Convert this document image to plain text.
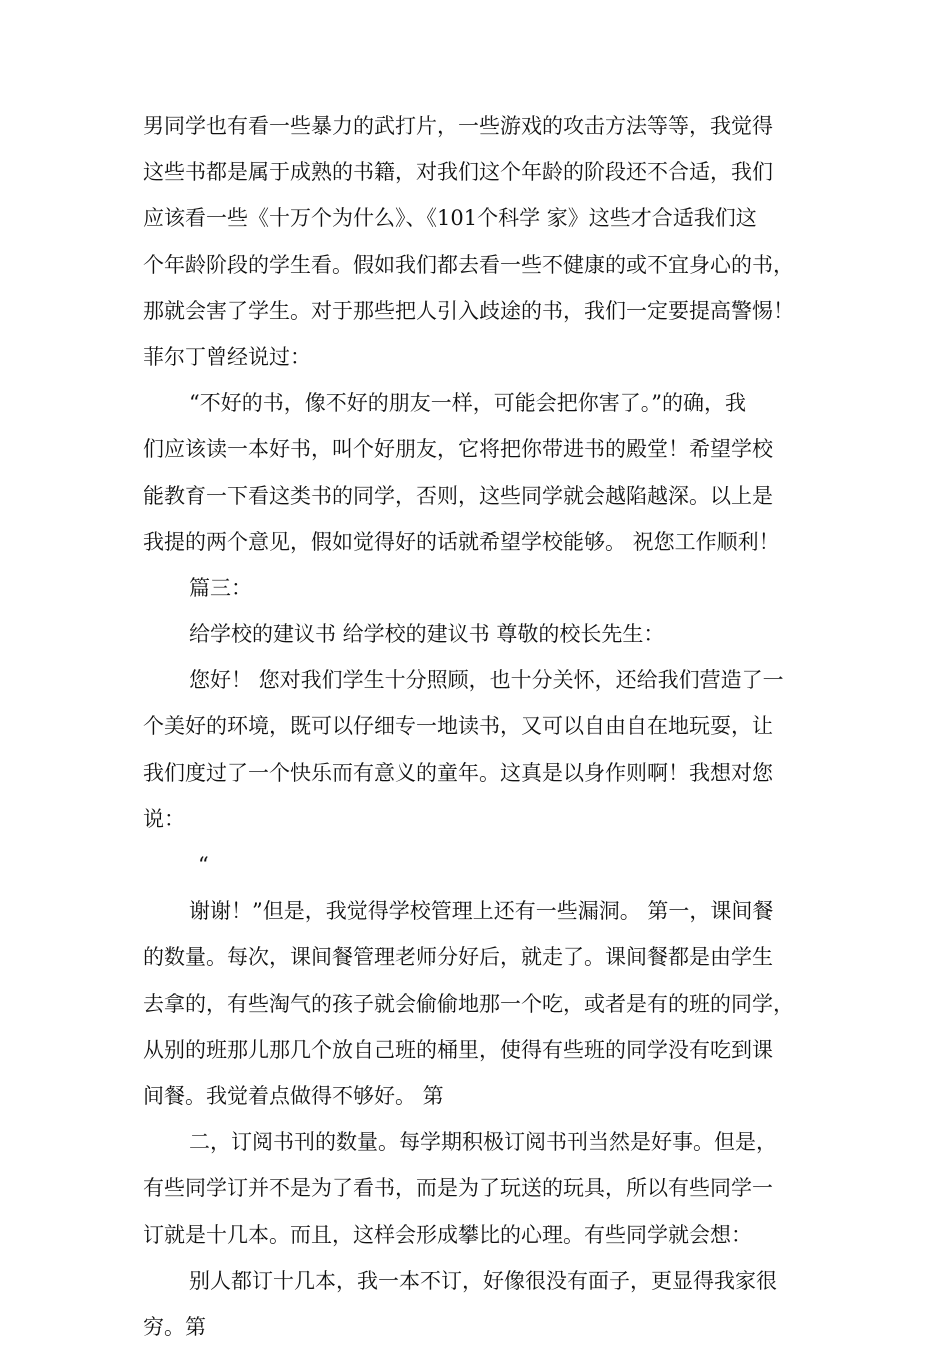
男同学也有看一些暴力的武打片，一些游戏的攻击方法等等，我觉得
这些书都是属于成熟的书籍，对我们这个年龄的阶段还不合适，我们
应该看一些《十万个为什么》、《101个科学 家》这些才合适我们这
个年龄阶段的学生看。假如我们都去看一些不健康的或不宜身心的书，
那就会害了学生。对于那些把人引入歧途的书，我们一定要提高警惕！
菲尔丁曾经说过：
“不好的书，像不好的朋友一样，可能会把你害了。”的确，我
们应该读一本好书，叫个好朋友，它将把你带进书的殿堂！希望学校
能教育一下看这类书的同学，否则，这些同学就会越陷越深。以上是
我提的两个意见，假如觉得好的话就希望学校能够。 祝您工作顺利！
篇三：
给学校的建议书 给学校的建议书 尊敬的校长先生：
您好！ 您对我们学生十分照顾，也十分关怀，还给我们营造了一
个美好的环境，既可以仔细专一地读书，又可以自由自在地玩耍，让
我们度过了一个快乐而有意义的童年。这真是以身作则啊！我想对您
说：
“
谢谢！”但是，我觉得学校管理上还有一些漏洞。 第一，课间餐
的数量。每次，课间餐管理老师分好后，就走了。课间餐都是由学生
去拿的，有些淘气的孩子就会偷偷地那一个吃，或者是有的班的同学，
从别的班那儿那几个放自己班的桶里，使得有些班的同学没有吃到课
间餐。我觉着点做得不够好。 第
二，订阅书刊的数量。每学期积极订阅书刊当然是好事。但是，
有些同学订并不是为了看书，而是为了玩送的玩具，所以有些同学一
订就是十几本。而且，这样会形成攀比的心理。有些同学就会想：
别人都订十几本，我一本不订，好像很没有面子，更显得我家很
穷。第
